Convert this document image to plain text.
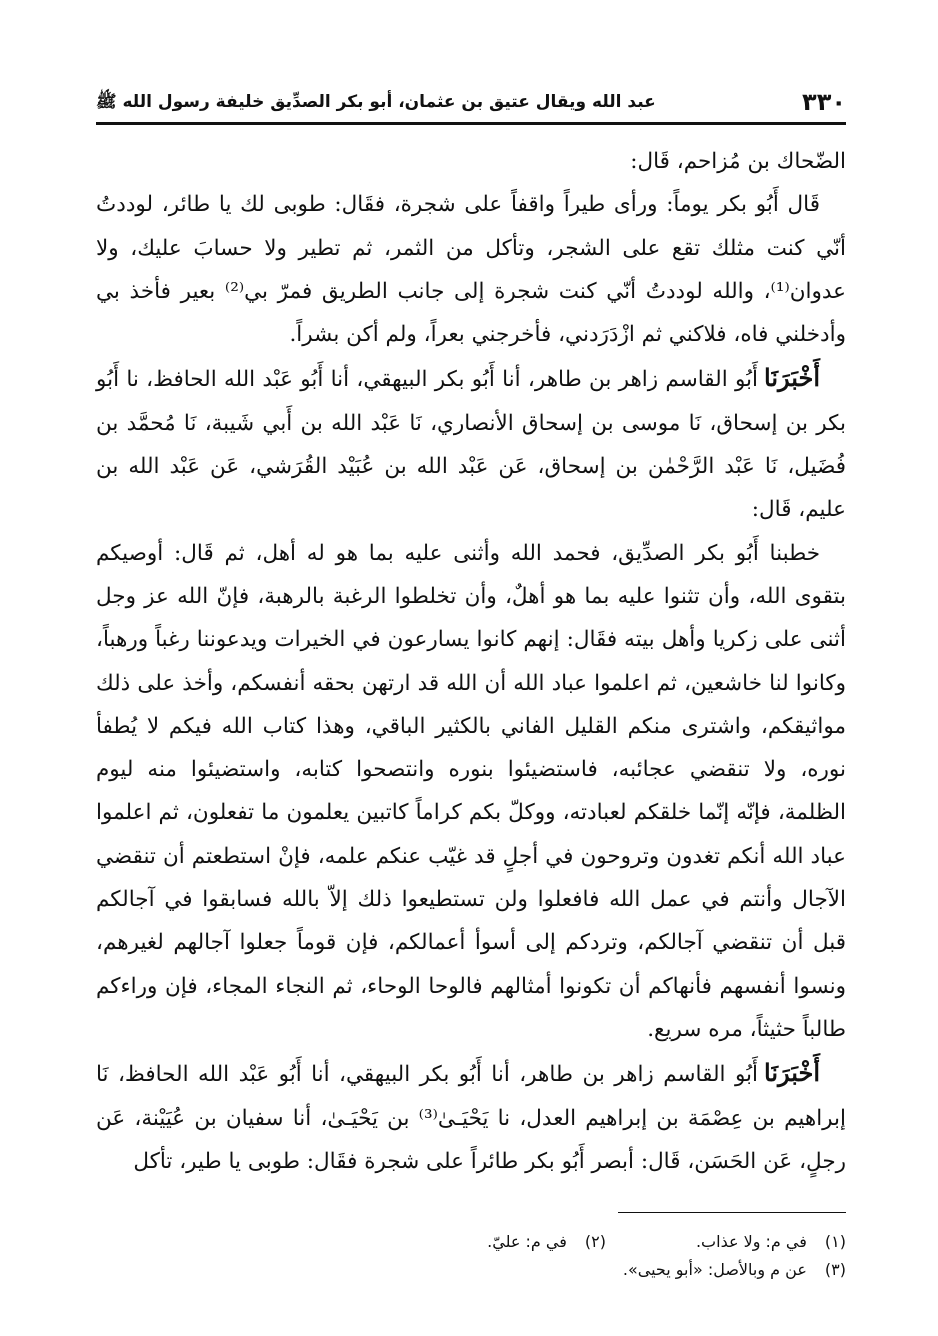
٣٣٠
عبد الله ويقال عتيق بن عثمان، أبو بكر الصدِّيق خليفة رسول الله ﷺ

الضّحاك بن مُزاحم، قَال:

قَال أَبُو بكر يوماً: ورأى طيراً واقفاً على شجرة، فقَال: طوبى لك يا طائر، لوددتُ أنّي كنت مثلك تقع على الشجر، وتأكل من الثمر، ثم تطير ولا حسابَ عليك، ولا عدوان⁽¹⁾، والله لوددتُ أنّي كنت شجرة إلى جانب الطريق فمرّ بي⁽²⁾ بعير فأخذ بي وأدخلني فاه، فلاكني ثم ازْدَرَدني، فأخرجني بعراً، ولم أكن بشراً.

أَخْبَرَنَاأَبُو القاسم زاهر بن طاهر، أنا أَبُو بكر البيهقي، أنا أَبُو عَبْد الله الحافظ، نا أَبُو بكر بن إسحاق، نَا موسى بن إسحاق الأنصاري، نَا عَبْد الله بن أَبي شَيبة، نَا مُحمَّد بن فُضَيل، نَا عَبْد الرَّحْمٰن بن إسحاق، عَن عَبْد الله بن عُبَيْد القُرَشي، عَن عَبْد الله بن عليم، قَال:

خطبنا أَبُو بكر الصدِّيق، فحمد الله وأثنى عليه بما هو له أهل، ثم قَال: أوصيكم بتقوى الله، وأن تثنوا عليه بما هو أهلٌ، وأن تخلطوا الرغبة بالرهبة، فإنّ الله عز وجل أثنى على زكريا وأهل بيته فقَال: إنهم كانوا يسارعون في الخيرات ويدعوننا رغباً ورهباً، وكانوا لنا خاشعين، ثم اعلموا عباد الله أن الله قد ارتهن بحقه أنفسكم، وأخذ على ذلك مواثيقكم، واشترى منكم القليل الفاني بالكثير الباقي، وهذا كتاب الله فيكم لا يُطفأ نوره، ولا تنقضي عجائبه، فاستضيئوا بنوره وانتصحوا كتابه، واستضيئوا منه ليوم الظلمة، فإنّه إنّما خلقكم لعبادته، ووكلّ بكم كراماً كاتبين يعلمون ما تفعلون، ثم اعلموا عباد الله أنكم تغدون وتروحون في أجلٍ قد غيّب عنكم علمه، فإنْ استطعتم أن تنقضي الآجال وأنتم في عمل الله فافعلوا ولن تستطيعوا ذلك إلاّ بالله فسابقوا في آجالكم قبل أن تنقضي آجالكم، وتردكم إلى أسوأ أعمالكم، فإن قوماً جعلوا آجالهم لغيرهم، ونسوا أنفسهم فأنهاكم أن تكونوا أمثالهم فالوحا الوحاء، ثم النجاء المجاء، فإن وراءكم طالباً حثيثاً، مره سريع.

أَخْبَرَنَاأَبُو القاسم زاهر بن طاهر، أنا أَبُو بكر البيهقي، أنا أَبُو عَبْد الله الحافظ، نَا إبراهيم بن عِصْمَة بن إبراهيم العدل، نا يَحْيَـىٰ⁽³⁾ بن يَحْيَـىٰ، أنا سفيان بن عُيَيْنة، عَن رجلٍ، عَن الحَسَن، قَال: أبصر أَبُو بكر طائراً على شجرة فقَال: طوبى يا طير، تأكل

(١)في م: ولا عذاب.
(٢)في م: عليّ.
(٣)عن م وبالأصل: «أبو يحيى».
